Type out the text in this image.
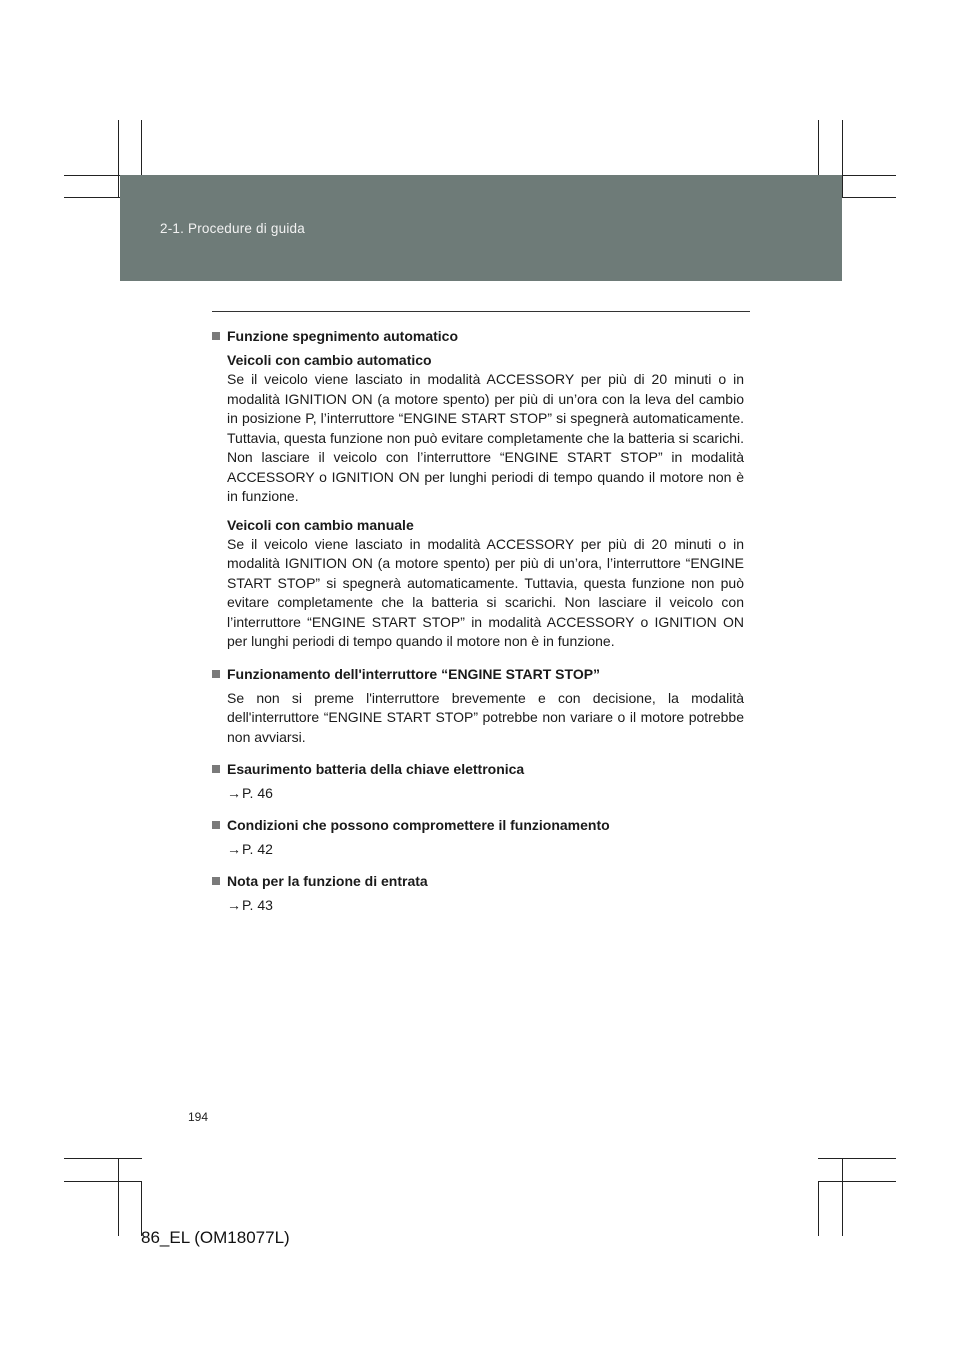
2-1. Procedure di guida
Funzione spegnimento automatico
Veicoli con cambio automatico

Se il veicolo viene lasciato in modalità ACCESSORY per più di 20 minuti o in modalità IGNITION ON (a motore spento) per più di un’ora con la leva del cambio in posizione P, l’interruttore “ENGINE START STOP” si spegnerà automaticamente. Tuttavia, questa funzione non può evitare completamente che la batteria si scarichi. Non lasciare il veicolo con l’interruttore “ENGINE START STOP” in modalità ACCESSORY o IGNITION ON per lunghi periodi di tempo quando il motore non è in funzione.

Veicoli con cambio manuale

Se il veicolo viene lasciato in modalità ACCESSORY per più di 20 minuti o in modalità IGNITION ON (a motore spento) per più di un’ora, l’interruttore “ENGINE START STOP” si spegnerà automaticamente. Tuttavia, questa funzione non può evitare completamente che la batteria si scarichi. Non lasciare il veicolo con l’interruttore “ENGINE START STOP” in modalità ACCESSORY o IGNITION ON per lunghi periodi di tempo quando il motore non è in funzione.

Funzionamento dell'interruttore “ENGINE START STOP”

Se non si preme l'interruttore brevemente e con decisione, la modalità dell'interruttore “ENGINE START STOP” potrebbe non variare o il motore potrebbe non avviarsi.

Esaurimento batteria della chiave elettronica
→P. 46
Condizioni che possono compromettere il funzionamento
→P. 42
Nota per la funzione di entrata
→P. 43
194
86_EL (OM18077L)
